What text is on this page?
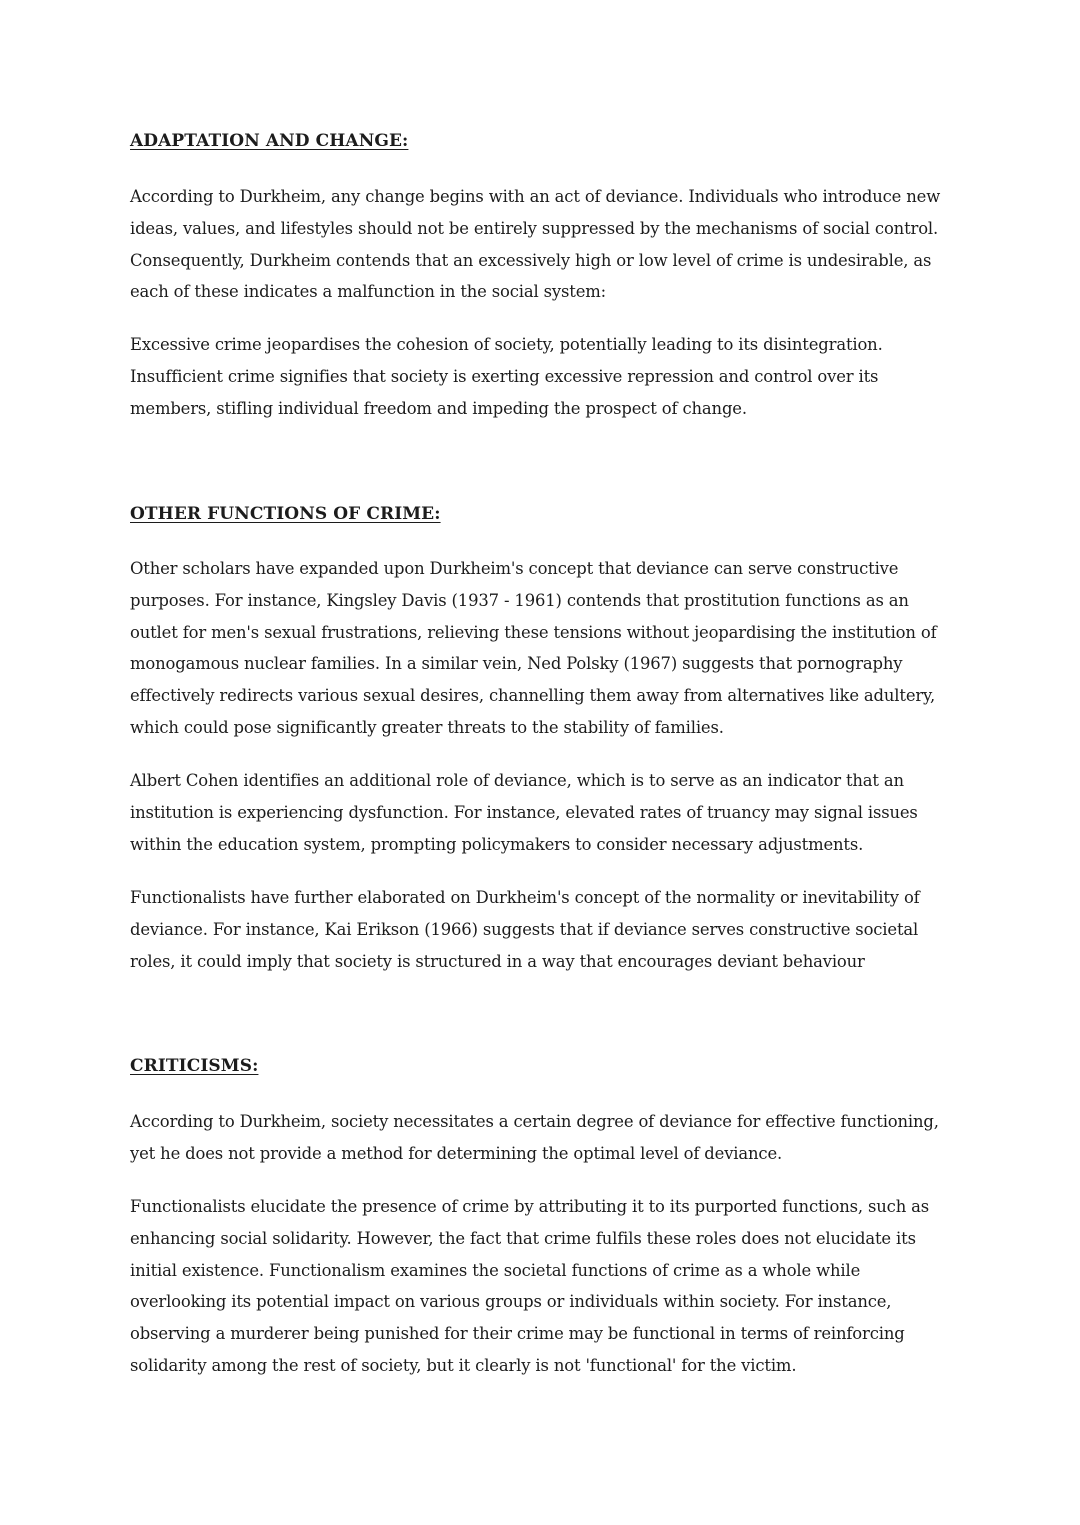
ADAPTATION AND CHANGE:

According to Durkheim, any change begins with an act of deviance. Individuals who introduce new
ideas, values, and lifestyles should not be entirely suppressed by the mechanisms of social control.
Consequently, Durkheim contends that an excessively high or low level of crime is undesirable, as
each of these indicates a malfunction in the social system:

Excessive crime jeopardises the cohesion of society, potentially leading to its disintegration.
Insufficient crime signifies that society is exerting excessive repression and control over its
members, stifling individual freedom and impeding the prospect of change.

OTHER FUNCTIONS OF CRIME:

Other scholars have expanded upon Durkheim's concept that deviance can serve constructive
purposes. For instance, Kingsley Davis (1937 - 1961) contends that prostitution functions as an
outlet for men's sexual frustrations, relieving these tensions without jeopardising the institution of
monogamous nuclear families. In a similar vein, Ned Polsky (1967) suggests that pornography
effectively redirects various sexual desires, channelling them away from alternatives like adultery,
which could pose significantly greater threats to the stability of families.

Albert Cohen identifies an additional role of deviance, which is to serve as an indicator that an
institution is experiencing dysfunction. For instance, elevated rates of truancy may signal issues
within the education system, prompting policymakers to consider necessary adjustments.

Functionalists have further elaborated on Durkheim's concept of the normality or inevitability of
deviance. For instance, Kai Erikson (1966) suggests that if deviance serves constructive societal
roles, it could imply that society is structured in a way that encourages deviant behaviour

CRITICISMS:

According to Durkheim, society necessitates a certain degree of deviance for effective functioning,
yet he does not provide a method for determining the optimal level of deviance.

Functionalists elucidate the presence of crime by attributing it to its purported functions, such as
enhancing social solidarity. However, the fact that crime fulfils these roles does not elucidate its
initial existence. Functionalism examines the societal functions of crime as a whole while
overlooking its potential impact on various groups or individuals within society. For instance,
observing a murderer being punished for their crime may be functional in terms of reinforcing
solidarity among the rest of society, but it clearly is not 'functional' for the victim.
